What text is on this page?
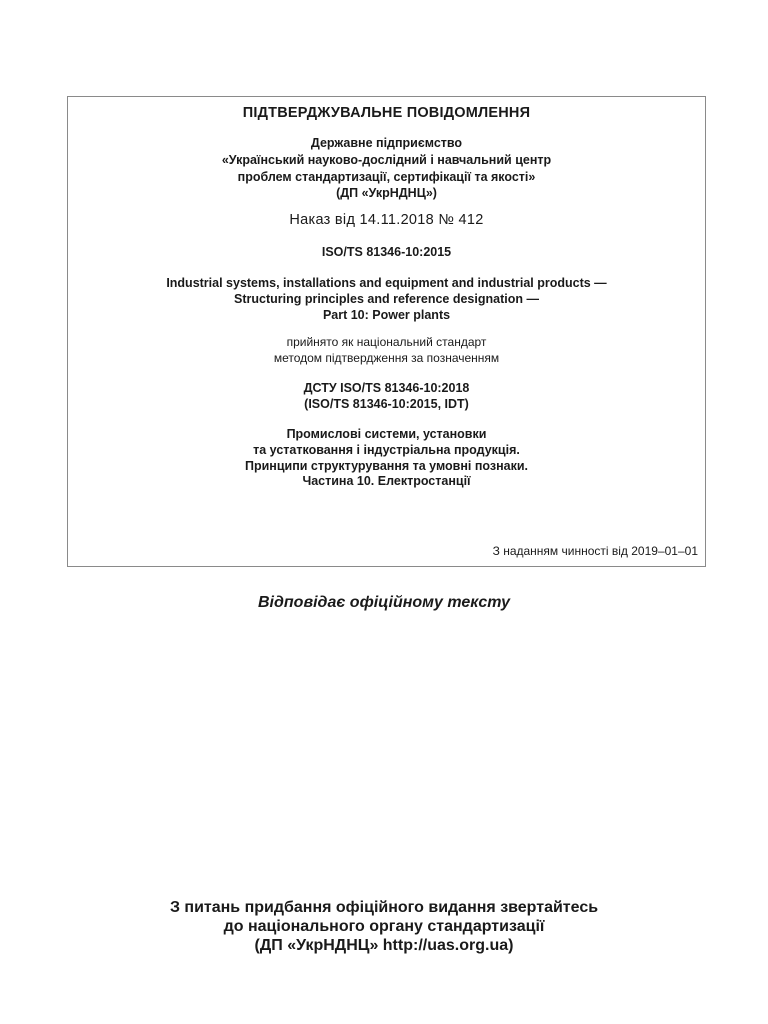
ПІДТВЕРДЖУВАЛЬНЕ ПОВІДОМЛЕННЯ
Державне підприємство
«Український науково-дослідний і навчальний центр
проблем стандартизації, сертифікації та якості»
(ДП «УкрНДНЦ»)
Наказ від 14.11.2018 № 412
ISO/TS 81346-10:2015
Industrial systems, installations and equipment and industrial products —
Structuring principles and reference designation —
Part 10: Power plants
прийнято як національний стандарт
методом підтвердження за позначенням
ДСТУ ISO/TS 81346-10:2018
(ISO/TS 81346-10:2015, IDT)
Промислові системи, установки
та устатковання і індустріальна продукція.
Принципи структурування та умовні познаки.
Частина 10. Електростанції
З наданням чинності від 2019–01–01
Відповідає офіційному тексту
З питань придбання офіційного видання звертайтесь
до національного органу стандартизації
(ДП «УкрНДНЦ» http://uas.org.ua)
